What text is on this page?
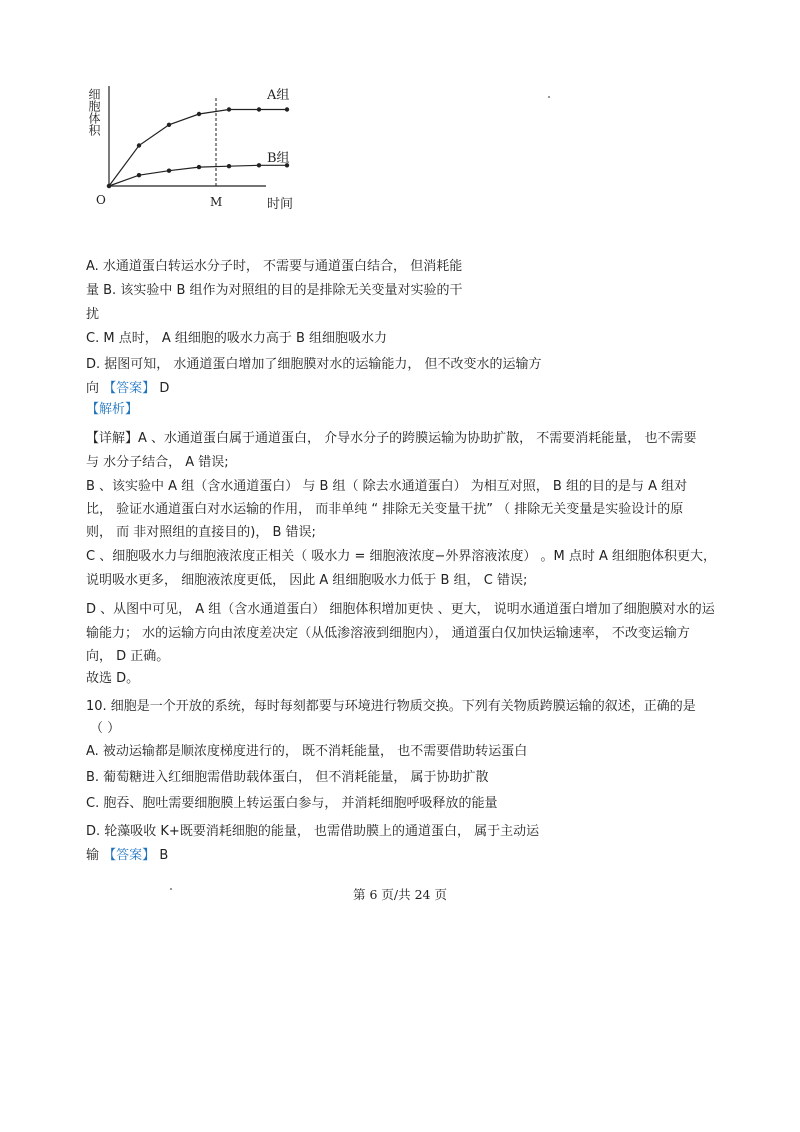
细胞体积
O	M	时间
A组
B组
A. 水通道蛋白转运水分子时， 不需要与通道蛋白结合， 但消耗能
量 B. 该实验中 B 组作为对照组的目的是排除无关变量对实验的干
扰
C. M 点时， A 组细胞的吸水力高于 B 组细胞吸水力
D. 据图可知， 水通道蛋白增加了细胞膜对水的运输能力， 但不改变水的运输方
向 【答案】 D
【解析】
【详解】A 、水通道蛋白属于通道蛋白， 介导水分子的跨膜运输为协助扩散， 不需要消耗能量， 也不需要
与 水分子结合， A 错误;
B 、该实验中 A 组（含水通道蛋白） 与 B 组（ 除去水通道蛋白） 为相互对照， B 组的目的是与 A 组对
比， 验证水通道蛋白对水运输的作用， 而非单纯 “ 排除无关变量干扰” （ 排除无关变量是实验设计的原
则， 而 非对照组的直接目的)， B 错误;
C 、细胞吸水力与细胞液浓度正相关（ 吸水力 = 细胞液浓度−外界溶液浓度） 。M 点时 A 组细胞体积更大，
说明吸水更多， 细胞液浓度更低， 因此 A 组细胞吸水力低于 B 组， C 错误;
D 、从图中可见， A 组（含水通道蛋白） 细胞体积增加更快 、更大， 说明水通道蛋白增加了细胞膜对水的运
输能力； 水的运输方向由浓度差决定（从低渗溶液到细胞内）， 通道蛋白仅加快运输速率， 不改变运输方
向， D 正确。
故选 D。
10. 细胞是一个开放的系统，每时每刻都要与环境进行物质交换。下列有关物质跨膜运输的叙述，正确的是
（ ）
A. 被动运输都是顺浓度梯度进行的， 既不消耗能量， 也不需要借助转运蛋白
B. 葡萄糖进入红细胞需借助载体蛋白， 但不消耗能量， 属于协助扩散
C. 胞吞、胞吐需要细胞膜上转运蛋白参与， 并消耗细胞呼吸释放的能量
D. 轮藻吸收 K+既要消耗细胞的能量， 也需借助膜上的通道蛋白， 属于主动运
输 【答案】 B
第 6 页/共 24 页
